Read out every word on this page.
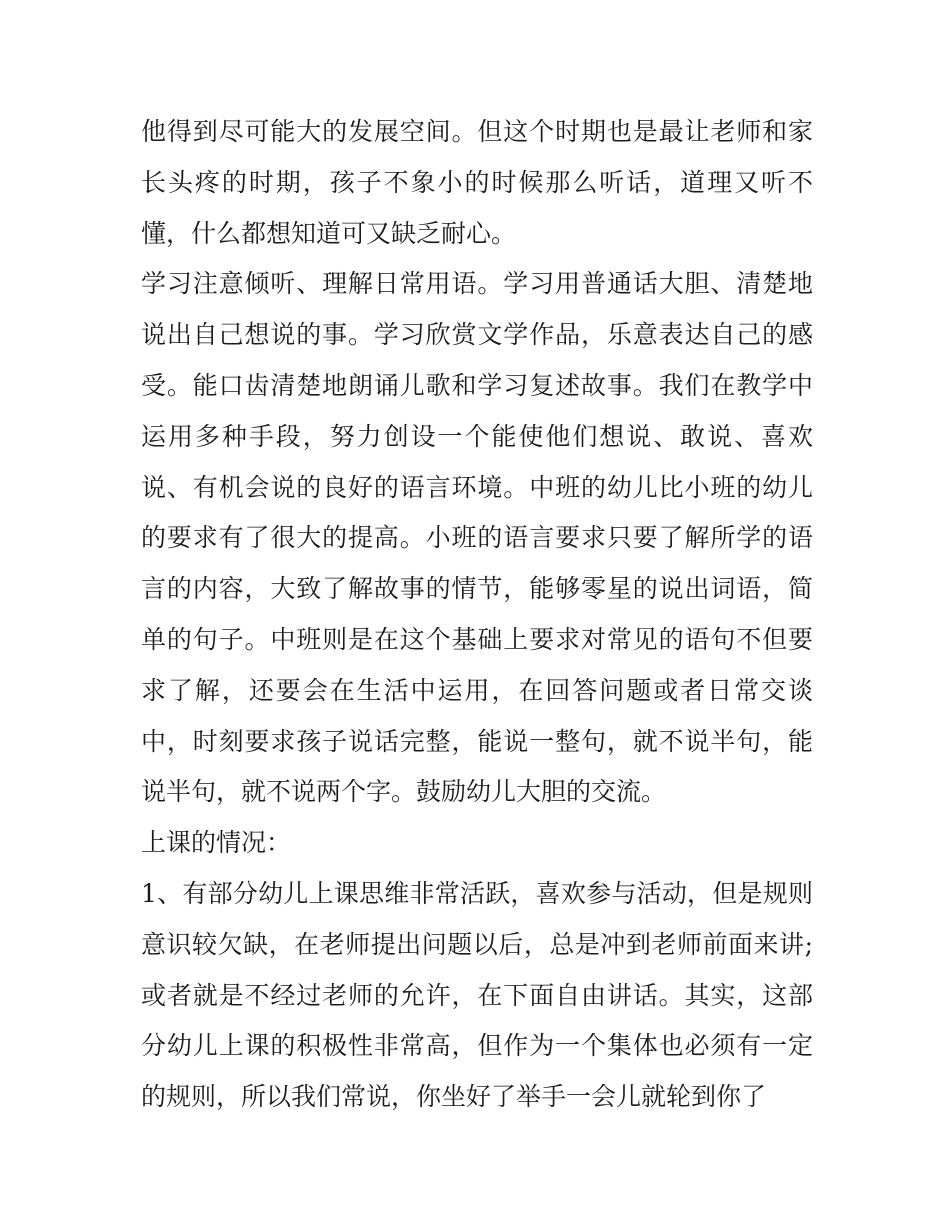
他得到尽可能大的发展空间。但这个时期也是最让老师和家长头疼的时期，孩子不象小的时候那么听话，道理又听不懂，什么都想知道可又缺乏耐心。

学习注意倾听、理解日常用语。学习用普通话大胆、清楚地说出自己想说的事。学习欣赏文学作品，乐意表达自己的感受。能口齿清楚地朗诵儿歌和学习复述故事。我们在教学中运用多种手段，努力创设一个能使他们想说、敢说、喜欢说、有机会说的良好的语言环境。中班的幼儿比小班的幼儿的要求有了很大的提高。小班的语言要求只要了解所学的语言的内容，大致了解故事的情节，能够零星的说出词语，简单的句子。中班则是在这个基础上要求对常见的语句不但要求了解，还要会在生活中运用，在回答问题或者日常交谈中，时刻要求孩子说话完整，能说一整句，就不说半句，能说半句，就不说两个字。鼓励幼儿大胆的交流。

上课的情况：

1、有部分幼儿上课思维非常活跃，喜欢参与活动，但是规则意识较欠缺，在老师提出问题以后，总是冲到老师前面来讲;或者就是不经过老师的允许，在下面自由讲话。其实，这部分幼儿上课的积极性非常高，但作为一个集体也必须有一定的规则，所以我们常说，你坐好了举手一会儿就轮到你了
